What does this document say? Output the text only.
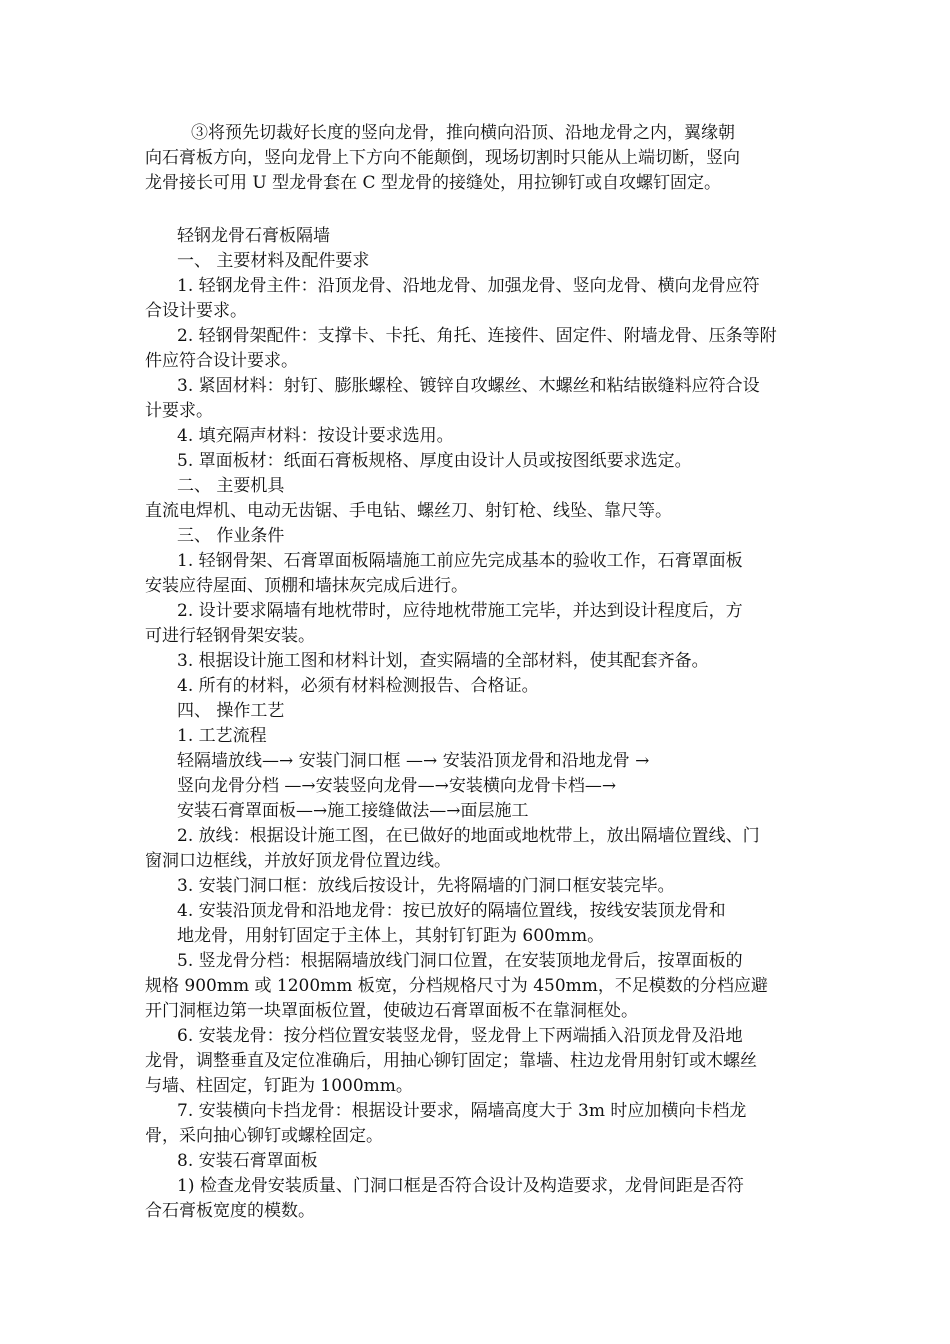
③将预先切裁好长度的竖向龙骨，推向横向沿顶、沿地龙骨之内，翼缘朝
向石膏板方向，竖向龙骨上下方向不能颠倒，现场切割时只能从上端切断，竖向
龙骨接长可用 U 型龙骨套在 C 型龙骨的接缝处，用拉铆钉或自攻螺钉固定。
轻钢龙骨石膏板隔墙
一、 主要材料及配件要求
1. 轻钢龙骨主件：沿顶龙骨、沿地龙骨、加强龙骨、竖向龙骨、横向龙骨应符
合设计要求。
2. 轻钢骨架配件：支撑卡、卡托、角托、连接件、固定件、附墙龙骨、压条等附
件应符合设计要求。
3. 紧固材料：射钉、膨胀螺栓、镀锌自攻螺丝、木螺丝和粘结嵌缝料应符合设
计要求。
4. 填充隔声材料：按设计要求选用。
5. 罩面板材：纸面石膏板规格、厚度由设计人员或按图纸要求选定。
二、 主要机具
直流电焊机、电动无齿锯、手电钻、螺丝刀、射钉枪、线坠、靠尺等。
三、 作业条件
1. 轻钢骨架、石膏罩面板隔墙施工前应先完成基本的验收工作，石膏罩面板
安装应待屋面、顶棚和墙抹灰完成后进行。
2. 设计要求隔墙有地枕带时，应待地枕带施工完毕，并达到设计程度后，方
可进行轻钢骨架安装。
3. 根据设计施工图和材料计划，查实隔墙的全部材料，使其配套齐备。
4. 所有的材料，必须有材料检测报告、合格证。
四、 操作工艺
1. 工艺流程
轻隔墙放线—→ 安装门洞口框 —→ 安装沿顶龙骨和沿地龙骨 →
竖向龙骨分档 —→安装竖向龙骨—→安装横向龙骨卡档—→
安装石膏罩面板—→施工接缝做法—→面层施工
2. 放线：根据设计施工图，在已做好的地面或地枕带上，放出隔墙位置线、门
窗洞口边框线，并放好顶龙骨位置边线。
3. 安装门洞口框：放线后按设计，先将隔墙的门洞口框安装完毕。
4. 安装沿顶龙骨和沿地龙骨：按已放好的隔墙位置线，按线安装顶龙骨和
地龙骨，用射钉固定于主体上，其射钉钉距为 600mm。
5. 竖龙骨分档：根据隔墙放线门洞口位置，在安装顶地龙骨后，按罩面板的
规格 900mm 或 1200mm 板宽，分档规格尺寸为 450mm，不足模数的分档应避
开门洞框边第一块罩面板位置，使破边石膏罩面板不在靠洞框处。
6. 安装龙骨：按分档位置安装竖龙骨，竖龙骨上下两端插入沿顶龙骨及沿地
龙骨，调整垂直及定位准确后，用抽心铆钉固定；靠墙、柱边龙骨用射钉或木螺丝
与墙、柱固定，钉距为 1000mm。
7. 安装横向卡挡龙骨：根据设计要求，隔墙高度大于 3m 时应加横向卡档龙
骨，采向抽心铆钉或螺栓固定。
8. 安装石膏罩面板
1) 检查龙骨安装质量、门洞口框是否符合设计及构造要求，龙骨间距是否符
合石膏板宽度的模数。
